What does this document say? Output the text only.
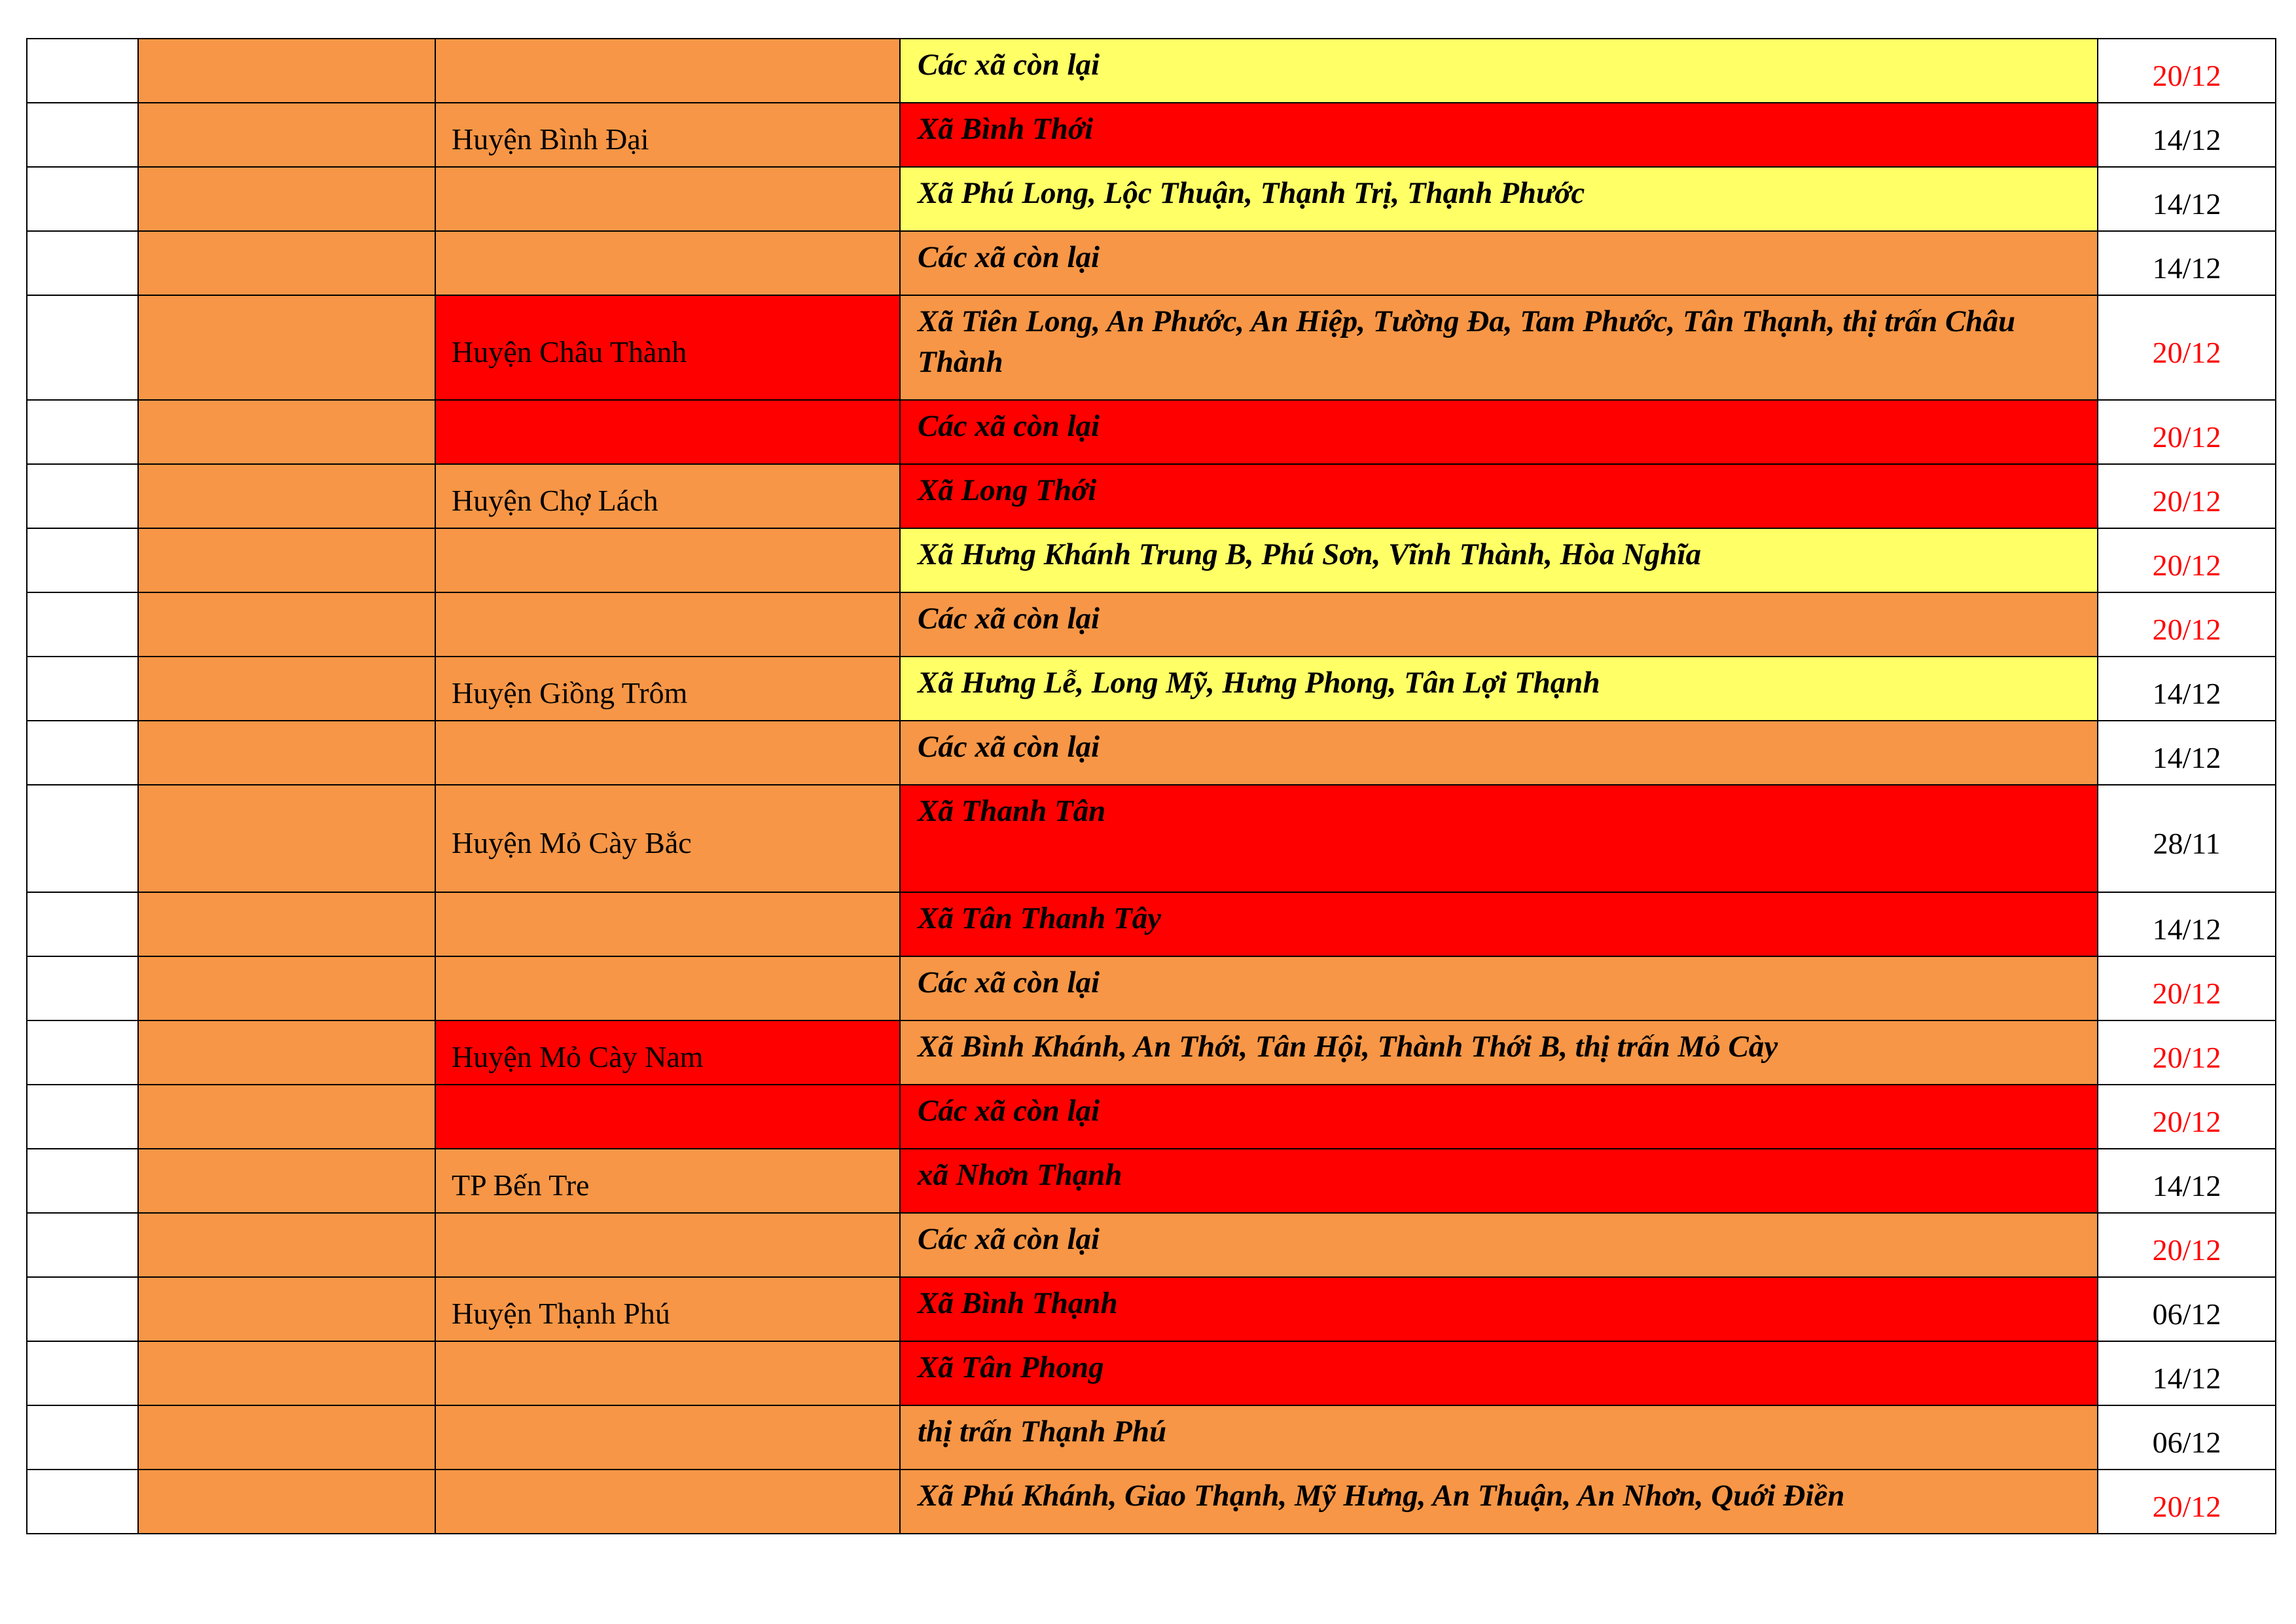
			Các xã còn lại	20/12
		Huyện Bình Đại	Xã Bình Thới	14/12
			Xã Phú Long, Lộc Thuận, Thạnh Trị, Thạnh Phước	14/12
			Các xã còn lại	14/12
		Huyện Châu Thành	Xã Tiên Long, An Phước, An Hiệp, Tường Đa, Tam Phước, Tân Thạnh, thị trấn Châu Thành	20/12
			Các xã còn lại	20/12
		Huyện Chợ Lách	Xã Long Thới	20/12
			Xã Hưng Khánh Trung B, Phú Sơn, Vĩnh Thành, Hòa Nghĩa	20/12
			Các xã còn lại	20/12
		Huyện Giồng Trôm	Xã Hưng Lễ, Long Mỹ, Hưng Phong, Tân Lợi Thạnh	14/12
			Các xã còn lại	14/12
		Huyện Mỏ Cày Bắc	Xã Thanh Tân	28/11
			Xã Tân Thanh Tây	14/12
			Các xã còn lại	20/12
		Huyện Mỏ Cày Nam	Xã Bình Khánh, An Thới, Tân Hội, Thành Thới B, thị trấn Mỏ Cày	20/12
			Các xã còn lại	20/12
		TP Bến Tre	xã Nhơn Thạnh	14/12
			Các xã còn lại	20/12
		Huyện Thạnh Phú	Xã Bình Thạnh	06/12
			Xã Tân Phong	14/12
			thị trấn Thạnh Phú	06/12
			Xã Phú Khánh, Giao Thạnh, Mỹ Hưng, An Thuận, An Nhơn, Quới Điền	20/12
